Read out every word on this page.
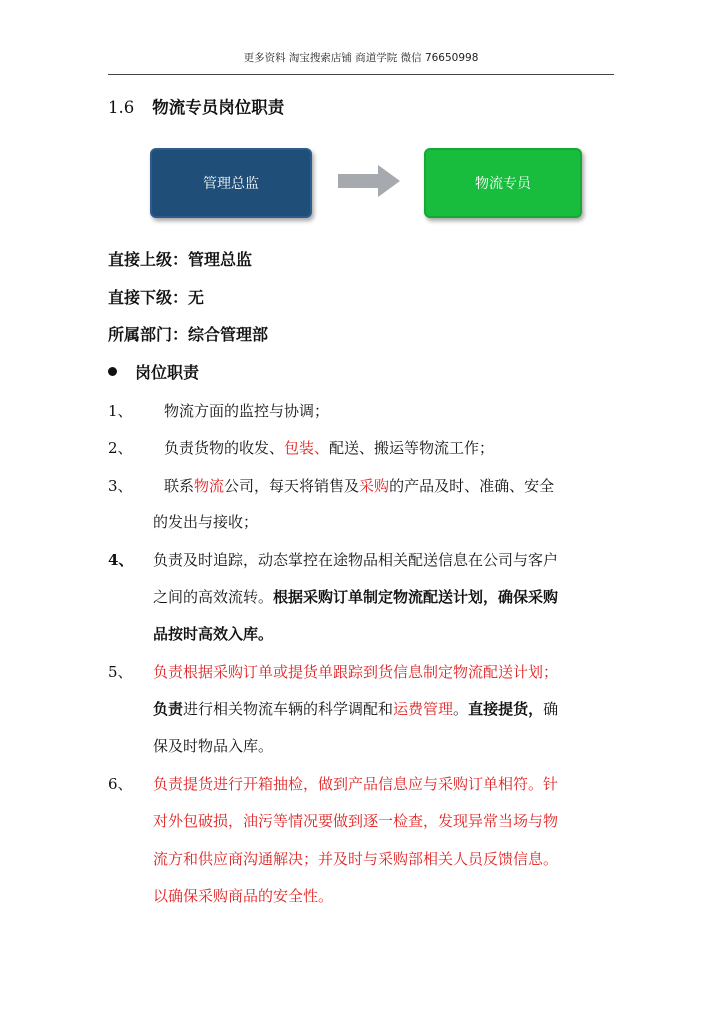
更多资料 淘宝搜索店铺 商道学院 微信 76650998
1.6 物流专员岗位职责
管理总监	物流专员
直接上级：管理总监
直接下级：无
所属部门：综合管理部
岗位职责
1、 物流方面的监控与协调；
2、 负责货物的收发、包装、配送、搬运等物流工作；
3、 联系物流公司，每天将销售及采购的产品及时、准确、安全
的发出与接收；
4、 负责及时追踪，动态掌控在途物品相关配送信息在公司与客户
之间的高效流转。根据采购订单制定物流配送计划，确保采购
品按时高效入库。
5、 负责根据采购订单或提货单跟踪到货信息制定物流配送计划；
负责进行相关物流车辆的科学调配和运费管理。直接提货，确
保及时物品入库。
6、 负责提货进行开箱抽检，做到产品信息应与采购订单相符。针
对外包破损，油污等情况要做到逐一检查，发现异常当场与物
流方和供应商沟通解决；并及时与采购部相关人员反馈信息。
以确保采购商品的安全性。
